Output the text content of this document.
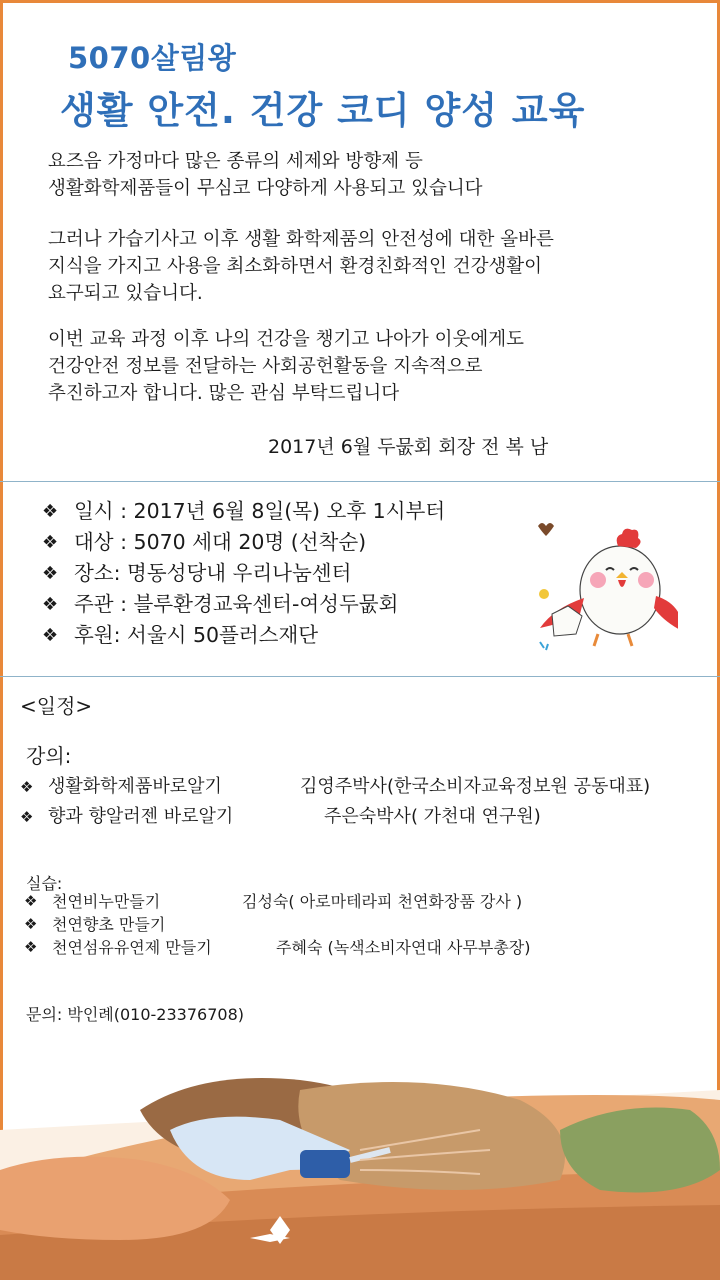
5070살림왕
생활 안전. 건강 코디 양성 교육
요즈음 가정마다 많은 종류의 세제와 방향제 등
생활화학제품들이 무심코 다양하게 사용되고 있습니다
그러나 가습기사고 이후 생활 화학제품의 안전성에 대한 올바른
지식을 가지고 사용을 최소화하면서 환경친화적인 건강생활이
요구되고 있습니다.
이번 교육 과정 이후 나의 건강을 챙기고 나아가 이웃에게도
건강안전 정보를 전달하는 사회공헌활동을 지속적으로
추진하고자 합니다. 많은 관심 부탁드립니다
2017년 6월 두뭆회 회장 전 복 남
❖ 일시 : 2017년 6월 8일(목) 오후 1시부터
❖ 대상 : 5070 세대 20명 (선착순)
❖ 장소: 명동성당내 우리나눔센터
❖ 주관 : 블루환경교육센터-여성두뭆회
❖ 후원: 서울시 50플러스재단
<일정>
강의:
❖ 생활화학제품바로알기	김영주박사(한국소비자교육정보원 공동대표)
❖ 향과 향알러젠 바로알기	주은숙박사( 가천대 연구원)
실습:
❖ 천연비누만들기	김성숙( 아로마테라피 천연화장품 강사 )
❖ 천연향초 만들기
❖ 천연섬유유연제 만들기	주혜숙 (녹색소비자연대 사무부총장)
문의: 박인례(010-23376708)
